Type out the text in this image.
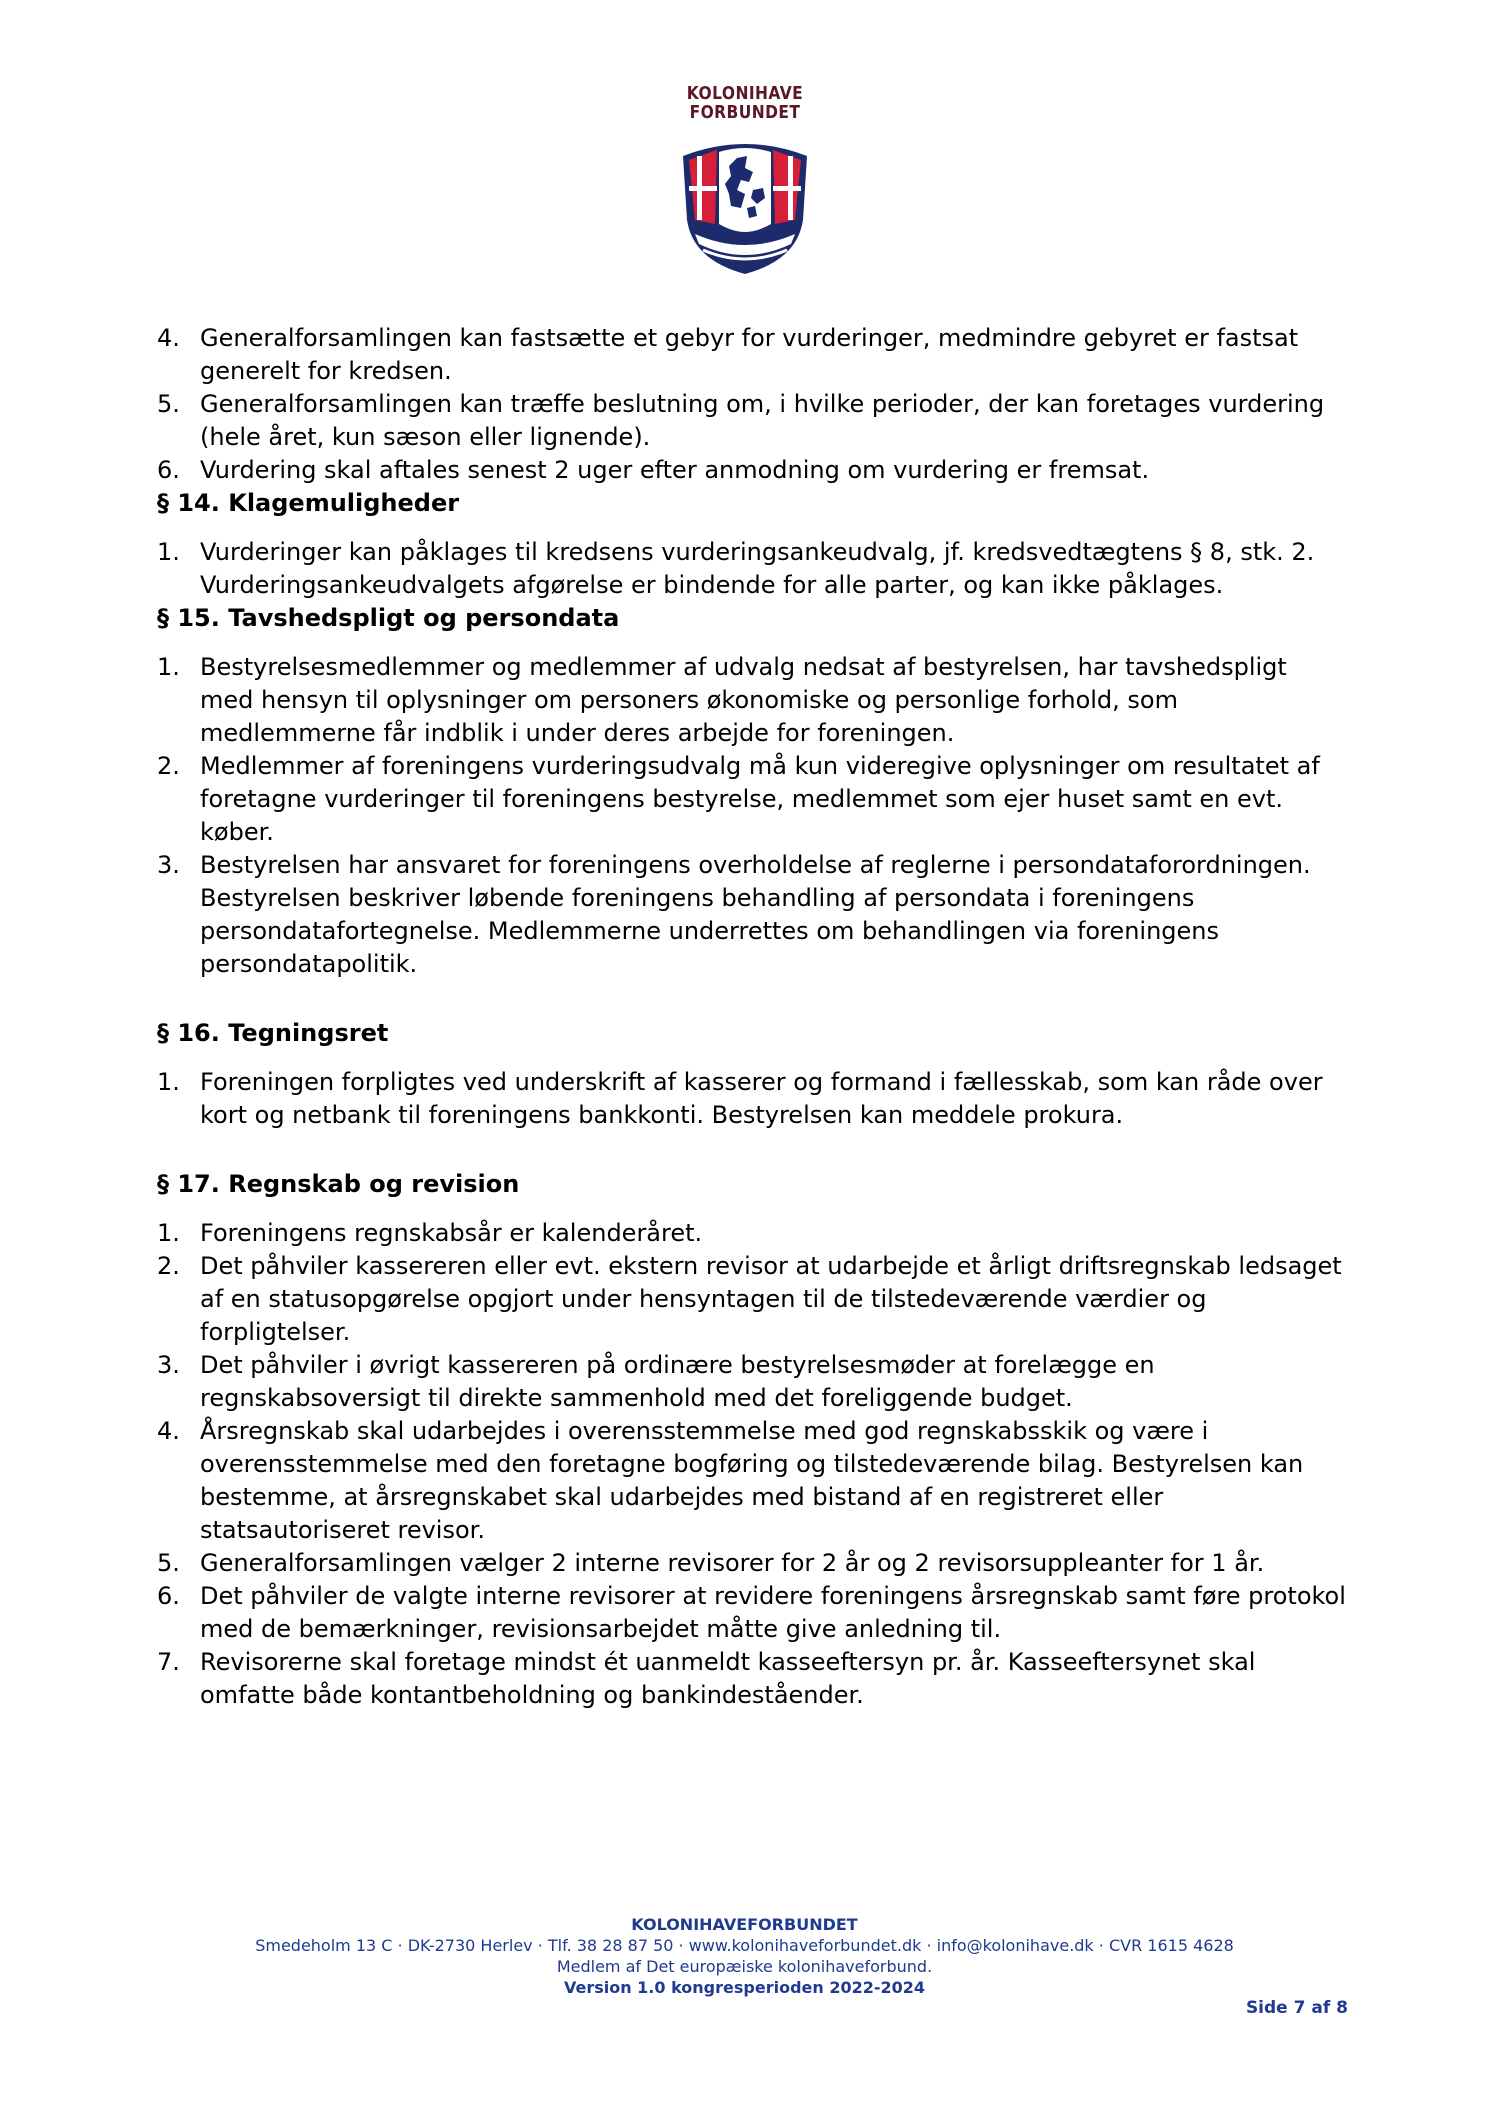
KOLONIHAVE
FORBUNDET
4. Generalforsamlingen kan fastsætte et gebyr for vurderinger, medmindre gebyret er fastsat generelt for kredsen.
5. Generalforsamlingen kan træffe beslutning om, i hvilke perioder, der kan foretages vurdering (hele året, kun sæson eller lignende).
6. Vurdering skal aftales senest 2 uger efter anmodning om vurdering er fremsat.
§ 14. Klagemuligheder
1. Vurderinger kan påklages til kredsens vurderingsankeudvalg, jf. kredsvedtægtens § 8, stk. 2. Vurderingsankeudvalgets afgørelse er bindende for alle parter, og kan ikke påklages.
§ 15. Tavshedspligt og persondata
1. Bestyrelsesmedlemmer og medlemmer af udvalg nedsat af bestyrelsen, har tavshedspligt med hensyn til oplysninger om personers økonomiske og personlige forhold, som medlemmerne får indblik i under deres arbejde for foreningen.
2. Medlemmer af foreningens vurderingsudvalg må kun videregive oplysninger om resultatet af foretagne vurderinger til foreningens bestyrelse, medlemmet som ejer huset samt en evt. køber.
3. Bestyrelsen har ansvaret for foreningens overholdelse af reglerne i persondataforordningen. Bestyrelsen beskriver løbende foreningens behandling af persondata i foreningens persondatafortegnelse. Medlemmerne underrettes om behandlingen via foreningens persondatapolitik.
§ 16. Tegningsret
1. Foreningen forpligtes ved underskrift af kasserer og formand i fællesskab, som kan råde over kort og netbank til foreningens bankkonti. Bestyrelsen kan meddele prokura.
§ 17. Regnskab og revision
1. Foreningens regnskabsår er kalenderåret.
2. Det påhviler kassereren eller evt. ekstern revisor at udarbejde et årligt driftsregnskab ledsaget af en statusopgørelse opgjort under hensyntagen til de tilstedeværende værdier og forpligtelser.
3. Det påhviler i øvrigt kassereren på ordinære bestyrelsesmøder at forelægge en regnskabsoversigt til direkte sammenhold med det foreliggende budget.
4. Årsregnskab skal udarbejdes i overensstemmelse med god regnskabsskik og være i overensstemmelse med den foretagne bogføring og tilstedeværende bilag. Bestyrelsen kan bestemme, at årsregnskabet skal udarbejdes med bistand af en registreret eller statsautoriseret revisor.
5. Generalforsamlingen vælger 2 interne revisorer for 2 år og 2 revisorsuppleanter for 1 år.
6. Det påhviler de valgte interne revisorer at revidere foreningens årsregnskab samt føre protokol med de bemærkninger, revisionsarbejdet måtte give anledning til.
7. Revisorerne skal foretage mindst ét uanmeldt kasseeftersyn pr. år. Kasseeftersynet skal omfatte både kontantbeholdning og bankindeståender.
KOLONIHAVEFORBUNDET
Smedeholm 13 C · DK-2730 Herlev · Tlf. 38 28 87 50 · www.kolonihaveforbundet.dk · info@kolonihave.dk · CVR 1615 4628
Medlem af Det europæiske kolonihaveforbund.
Version 1.0 kongresperioden 2022-2024
Side 7 af 8
